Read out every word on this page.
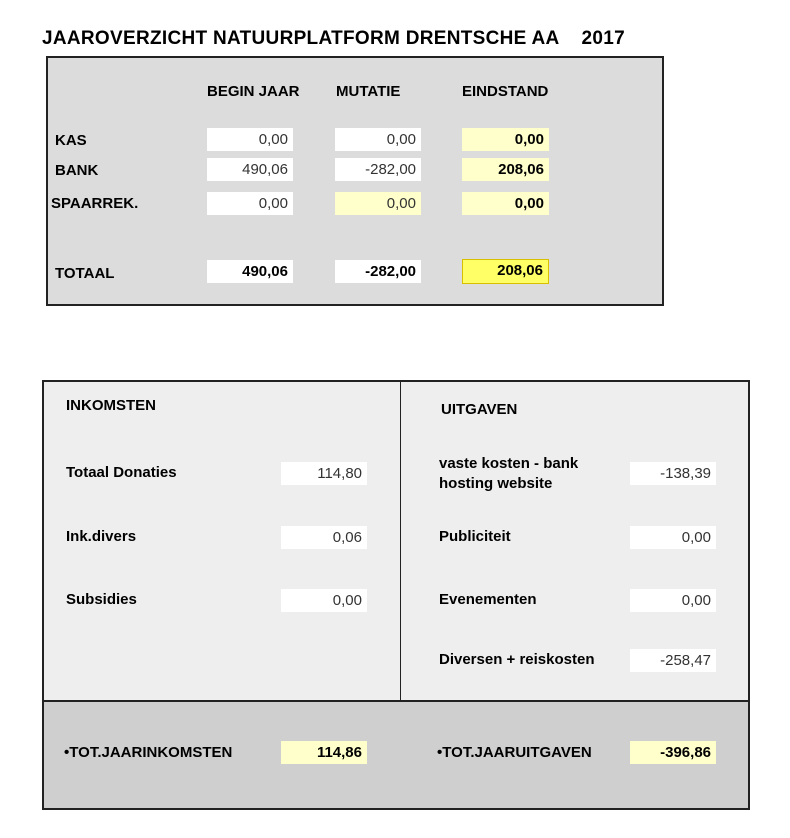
JAAROVERZICHT NATUURPLATFORM DRENTSCHE AA 2017
BEGIN JAAR MUTATIE	EINDSTAND
KAS	0,00	0,00	0,00
BANK	490,06	-282,00	208,06
SPAARREK.	0,00	0,00	0,00
TOTAAL	490,06	-282,00	208,06
INKOMSTEN
Totaal Donaties	114,80
Ink.divers	0,06
Subsidies	0,00
UITGAVEN
vaste kosten - bank
hosting website
-138,39
Publiciteit	0,00
Evenementen	0,00
Diversen + reiskosten	-258,47
•TOT.JAARINKOMSTEN	114,86	•TOT.JAARUITGAVEN	-396,86
